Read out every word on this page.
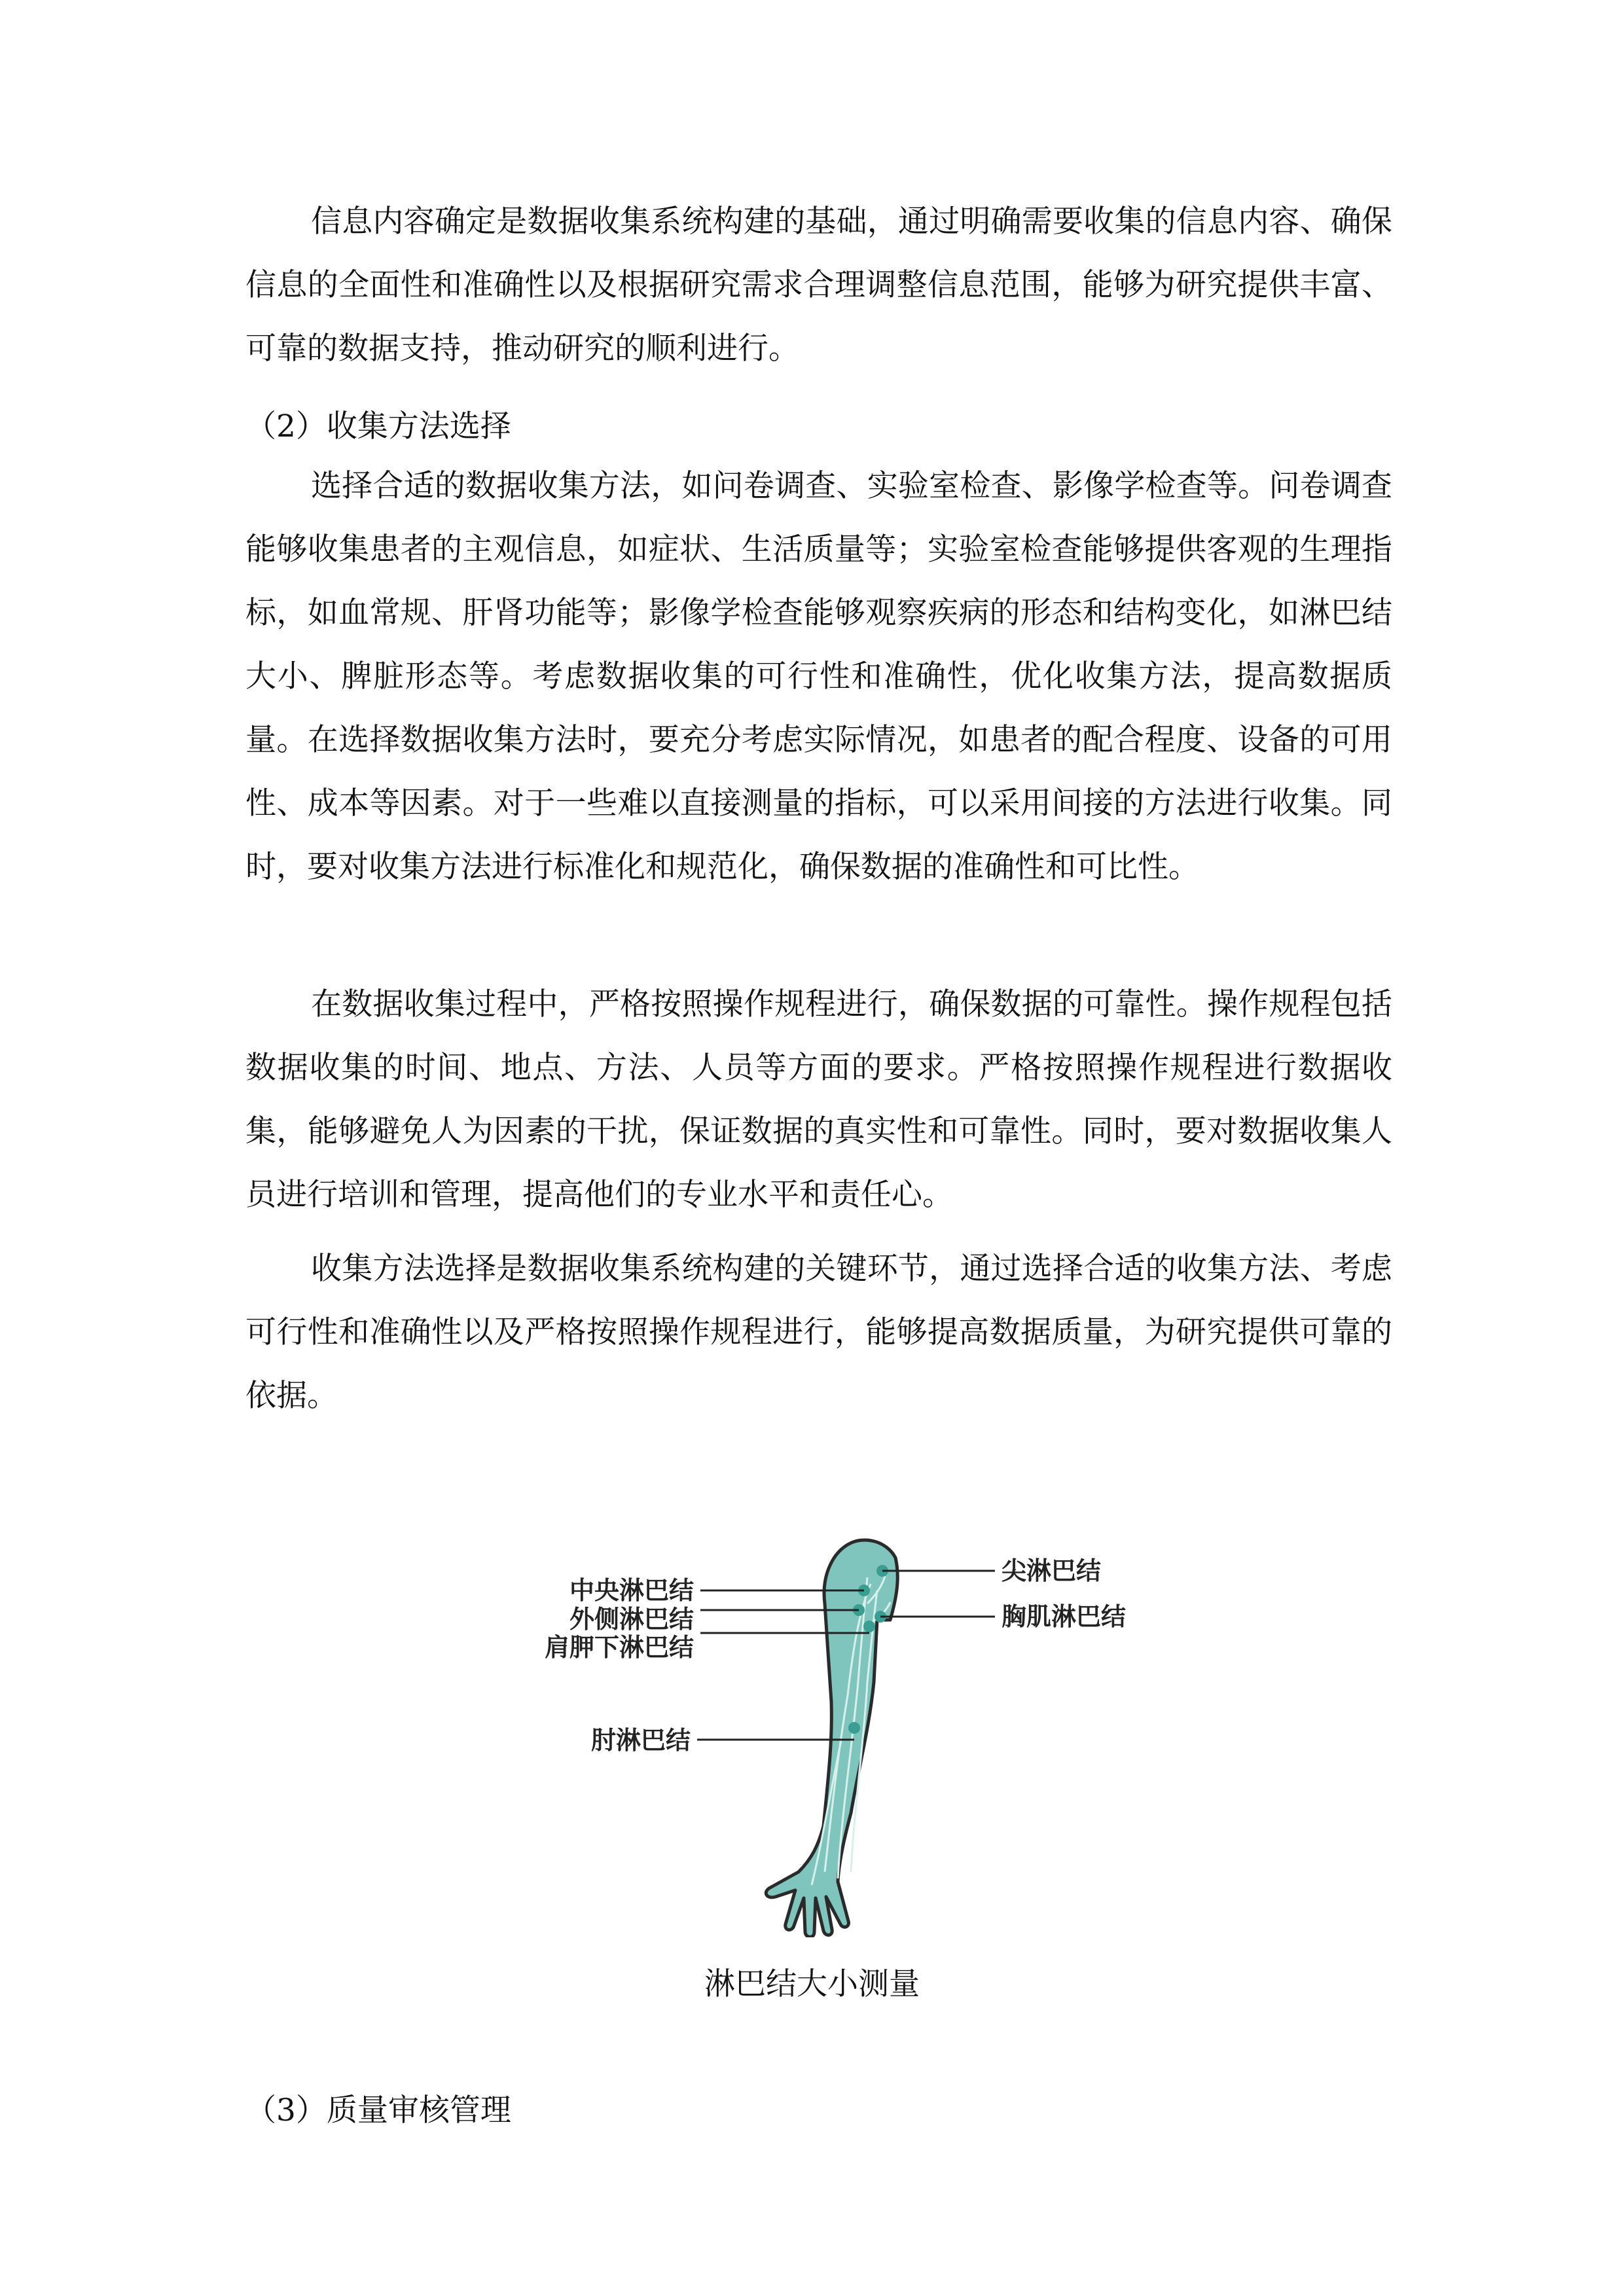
信息内容确定是数据收集系统构建的基础，通过明确需要收集的信息内容、确保信息的全面性和准确性以及根据研究需求合理调整信息范围，能够为研究提供丰富、可靠的数据支持，推动研究的顺利进行。

（2）收集方法选择

选择合适的数据收集方法，如问卷调查、实验室检查、影像学检查等。问卷调查能够收集患者的主观信息，如症状、生活质量等；实验室检查能够提供客观的生理指标，如血常规、肝肾功能等；影像学检查能够观察疾病的形态和结构变化，如淋巴结大小、脾脏形态等。考虑数据收集的可行性和准确性，优化收集方法，提高数据质量。在选择数据收集方法时，要充分考虑实际情况，如患者的配合程度、设备的可用性、成本等因素。对于一些难以直接测量的指标，可以采用间接的方法进行收集。同时，要对收集方法进行标准化和规范化，确保数据的准确性和可比性。

在数据收集过程中，严格按照操作规程进行，确保数据的可靠性。操作规程包括数据收集的时间、地点、方法、人员等方面的要求。严格按照操作规程进行数据收集，能够避免人为因素的干扰，保证数据的真实性和可靠性。同时，要对数据收集人员进行培训和管理，提高他们的专业水平和责任心。

收集方法选择是数据收集系统构建的关键环节，通过选择合适的收集方法、考虑可行性和准确性以及严格按照操作规程进行，能够提高数据质量，为研究提供可靠的依据。

中央淋巴结
外侧淋巴结
肩胛下淋巴结
肘淋巴结
尖淋巴结
胸肌淋巴结

淋巴结大小测量

（3）质量审核管理
